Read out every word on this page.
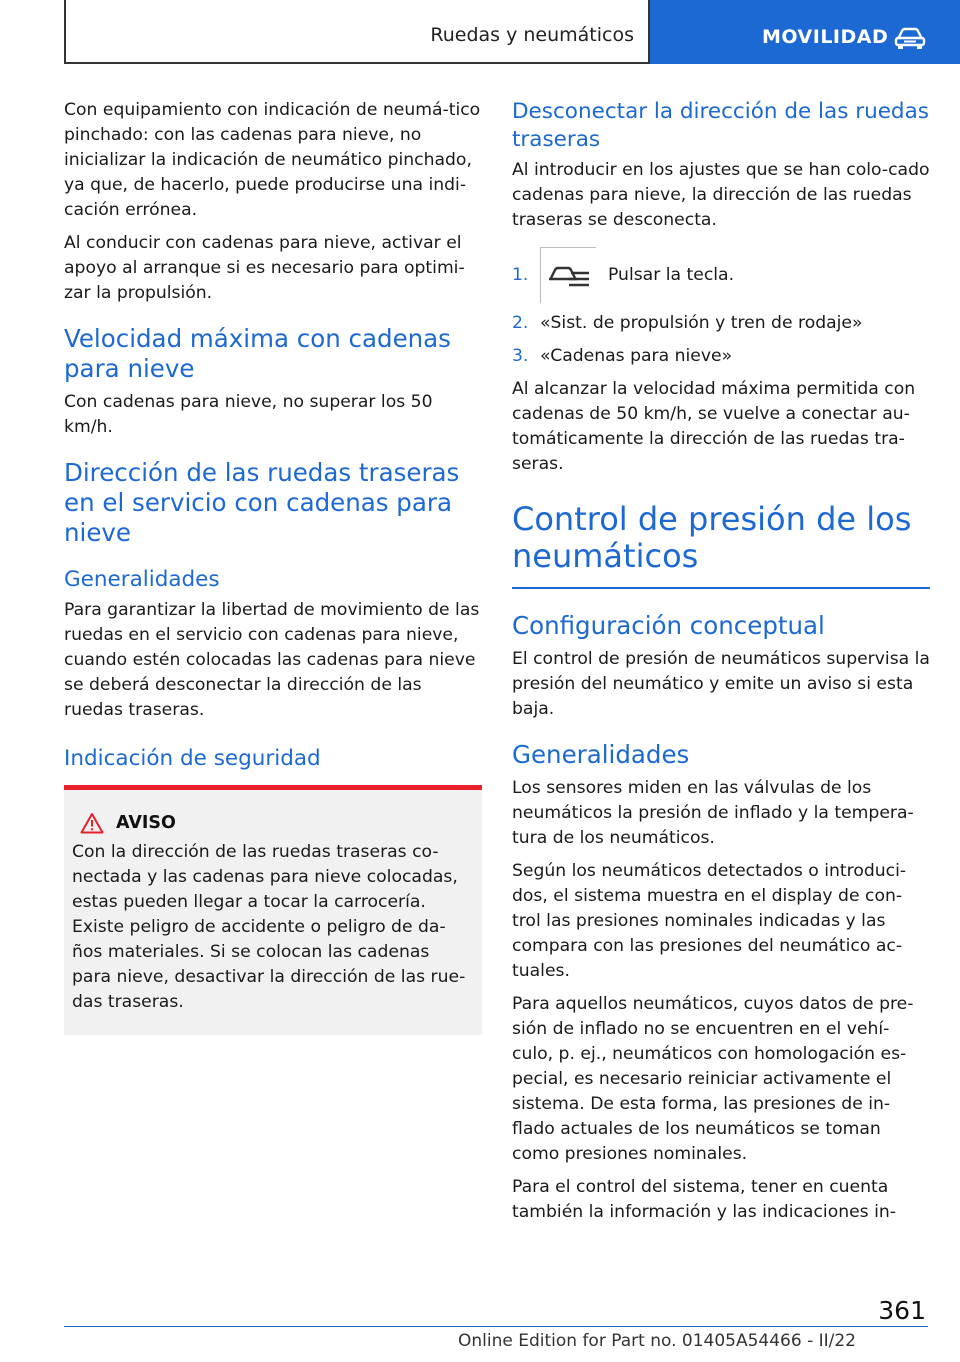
Ruedas y neumáticos	MOVILIDAD

Con equipamiento con indicación de neumá-tico pinchado: con las cadenas para nieve, no inicializar la indicación de neumático pinchado, ya que, de hacerlo, puede producirse una indi-cación errónea.

Al conducir con cadenas para nieve, activar el apoyo al arranque si es necesario para optimi-zar la propulsión.

Velocidad máxima con cadenas para nieve

Con cadenas para nieve, no superar los 50 km/h.

Dirección de las ruedas traseras en el servicio con cadenas para nieve
Generalidades

Para garantizar la libertad de movimiento de las ruedas en el servicio con cadenas para nieve, cuando estén colocadas las cadenas para nieve se deberá desconectar la dirección de las ruedas traseras.

Indicación de seguridad
AVISO

Con la dirección de las ruedas traseras co-nectada y las cadenas para nieve colocadas, estas pueden llegar a tocar la carrocería. Existe peligro de accidente o peligro de da-ños materiales. Si se colocan las cadenas para nieve, desactivar la dirección de las rue-das traseras.

Desconectar la dirección de las ruedas traseras

Al introducir en los ajustes que se han colo-cado cadenas para nieve, la dirección de las ruedas traseras se desconecta.

1.	Pulsar la tecla.
2. «Sist. de propulsión y tren de rodaje»
3. «Cadenas para nieve»

Al alcanzar la velocidad máxima permitida con cadenas de 50 km/h, se vuelve a conectar au-tomáticamente la dirección de las ruedas tra-seras.

Control de presión de los neumáticos
Configuración conceptual

El control de presión de neumáticos supervisa la presión del neumático y emite un aviso si esta baja.

Generalidades

Los sensores miden en las válvulas de los neumáticos la presión de inflado y la tempera-tura de los neumáticos.

Según los neumáticos detectados o introduci-dos, el sistema muestra en el display de con-trol las presiones nominales indicadas y las compara con las presiones del neumático ac-tuales.

Para aquellos neumáticos, cuyos datos de pre-sión de inflado no se encuentren en el vehí-culo, p. ej., neumáticos con homologación es-pecial, es necesario reiniciar activamente el sistema. De esta forma, las presiones de in-flado actuales de los neumáticos se toman como presiones nominales.

Para el control del sistema, tener en cuenta también la información y las indicaciones in-

361
Online Edition for Part no. 01405A54466 - II/22
